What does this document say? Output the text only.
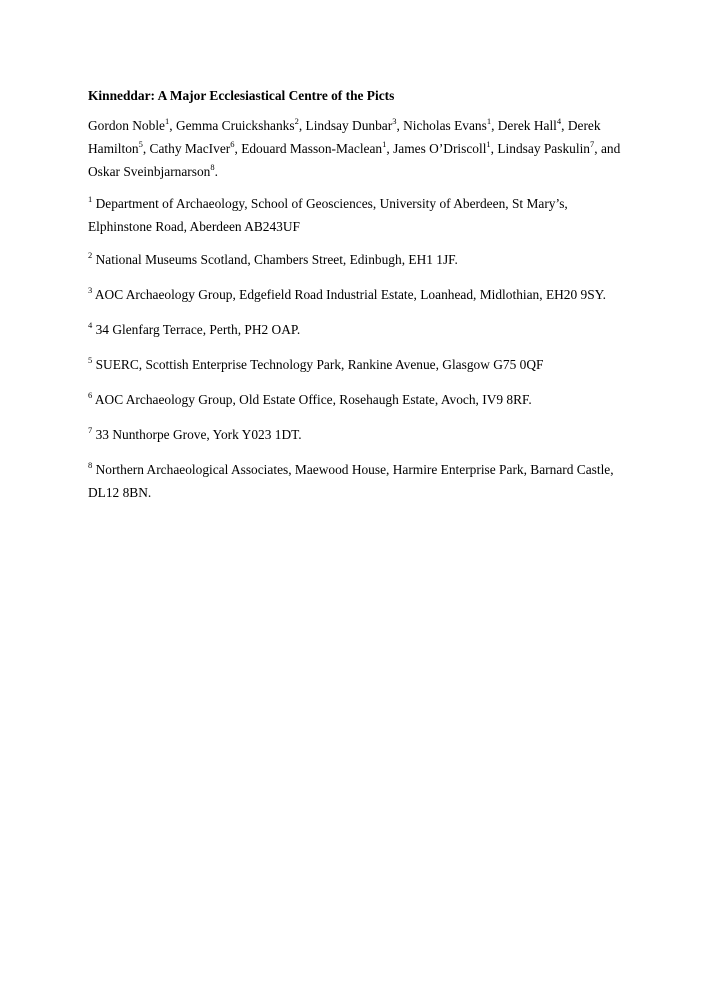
Kinneddar: A Major Ecclesiastical Centre of the Picts
Gordon Noble$^1$, Gemma Cruickshanks$^2$, Lindsay Dunbar$^3$, Nicholas Evans$^1$, Derek Hall$^4$, Derek Hamilton$^5$, Cathy MacIver$^6$, Edouard Masson-Maclean$^1$, James O’Driscoll$^1$, Lindsay Paskulin$^7$, and
Oskar Sveinbjarnarson$^8$.
$^1$ Department of Archaeology, School of Geosciences, University of Aberdeen, St Mary’s, Elphinstone Road, Aberdeen AB243UF
$^2$ National Museums Scotland, Chambers Street, Edinbugh, EH1 1JF.
$^3$ AOC Archaeology Group, Edgefield Road Industrial Estate, Loanhead, Midlothian, EH20 9SY.
$^4$ 34 Glenfarg Terrace, Perth, PH2 OAP.
$^5$ SUERC, Scottish Enterprise Technology Park, Rankine Avenue, Glasgow G75 0QF
$^6$ AOC Archaeology Group, Old Estate Office, Rosehaugh Estate, Avoch, IV9 8RF.
$^7$ 33 Nunthorpe Grove, York Y023 1DT.
$^8$ Northern Archaeological Associates, Maewood House, Harmire Enterprise Park, Barnard Castle, DL12 8BN.
